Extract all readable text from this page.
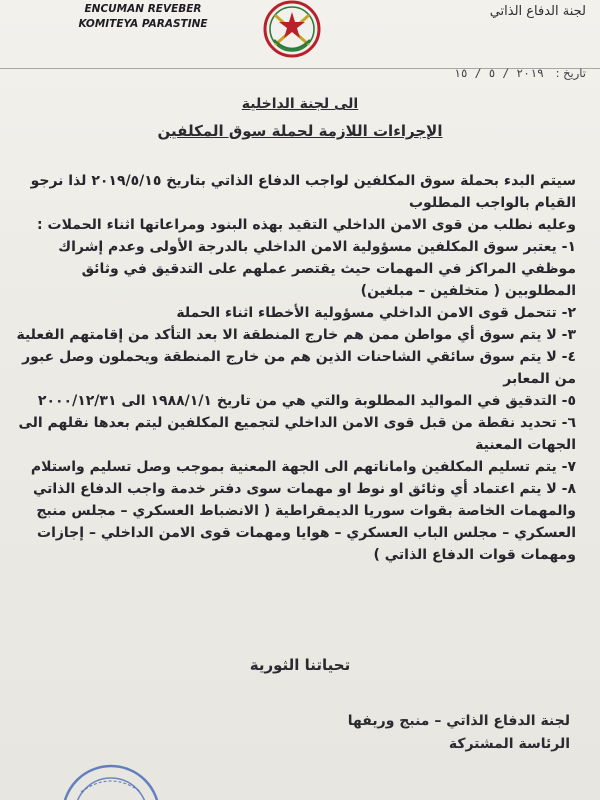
ENCUMAN REVEBER
KOMITEYA PARASTINE
لجنة الدفاع الذاتي
تاريخ : ۲۰۱۹ / ٥ / ١٥
الى لجنة الداخلية
الإجراءات اللازمة لحملة سوق المكلفين

سيتم البدء بحملة سوق المكلفين لواجب الدفاع الذاتي بتاريخ ٢٠١٩/٥/١٥ لذا نرجو القيام بالواجب المطلوب

وعليه نطلب من قوى الامن الداخلي التقيد بهذه البنود ومراعاتها اثناء الحملات :

١- يعتبر سوق المكلفين مسؤولية الامن الداخلي بالدرجة الأولى وعدم إشراك موظفي المراكز في المهمات حيث يقتصر عملهم على التدقيق في وثائق المطلوبين ( متخلفين – مبلغين)

٢- تتحمل قوى الامن الداخلي مسؤولية الأخطاء اثناء الحملة

٣- لا يتم سوق أي مواطن ممن هم خارج المنطقة الا بعد التأكد من إقامتهم الفعلية

٤- لا يتم سوق سائقي الشاحنات الذين هم من خارج المنطقة ويحملون وصل عبور من المعابر

٥- التدقيق في المواليد المطلوبة والتي هي من تاريخ ١٩٨٨/١/١ الى ٢٠٠٠/١٢/٣١

٦- تحديد نقطة من قبل قوى الامن الداخلي لتجميع المكلفين ليتم بعدها نقلهم الى الجهات المعنية

٧- يتم تسليم المكلفين واماناتهم الى الجهة المعنية بموجب وصل تسليم واستلام

٨- لا يتم اعتماد أي وثائق او نوط او مهمات سوى دفتر خدمة واجب الدفاع الذاتي والمهمات الخاصة بقوات سوريا الديمقراطية ( الانضباط العسكري – مجلس منبج العسكري – مجلس الباب العسكري – هوايا ومهمات قوى الامن الداخلي – إجازات ومهمات قوات الدفاع الذاتي )

تحياتنا الثورية
لجنة الدفاع الذاتي – منبج وريفها
الرئاسة المشتركة
